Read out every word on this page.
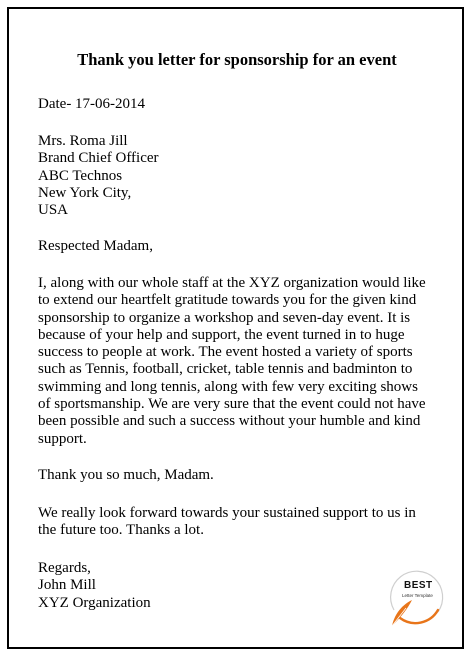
Thank you letter for sponsorship for an event

Date- 17-06-2014

Mrs. Roma Jill
Brand Chief Officer
ABC Technos
New York City,
USA

Respected Madam,

I, along with our whole staff at the XYZ organization would like
to extend our heartfelt gratitude towards you for the given kind
sponsorship to organize a workshop and seven-day event. It is
because of your help and support, the event turned in to huge
success to people at work. The event hosted a variety of sports
such as Tennis, football, cricket, table tennis and badminton to
swimming and long tennis, along with few very exciting shows
of sportsmanship. We are very sure that the event could not have
been possible and such a success without your humble and kind
support.

Thank you so much, Madam.

We really look forward towards your sustained support to us in
the future too. Thanks a lot.

Regards,
John Mill
XYZ Organization

BEST
Letter Template
